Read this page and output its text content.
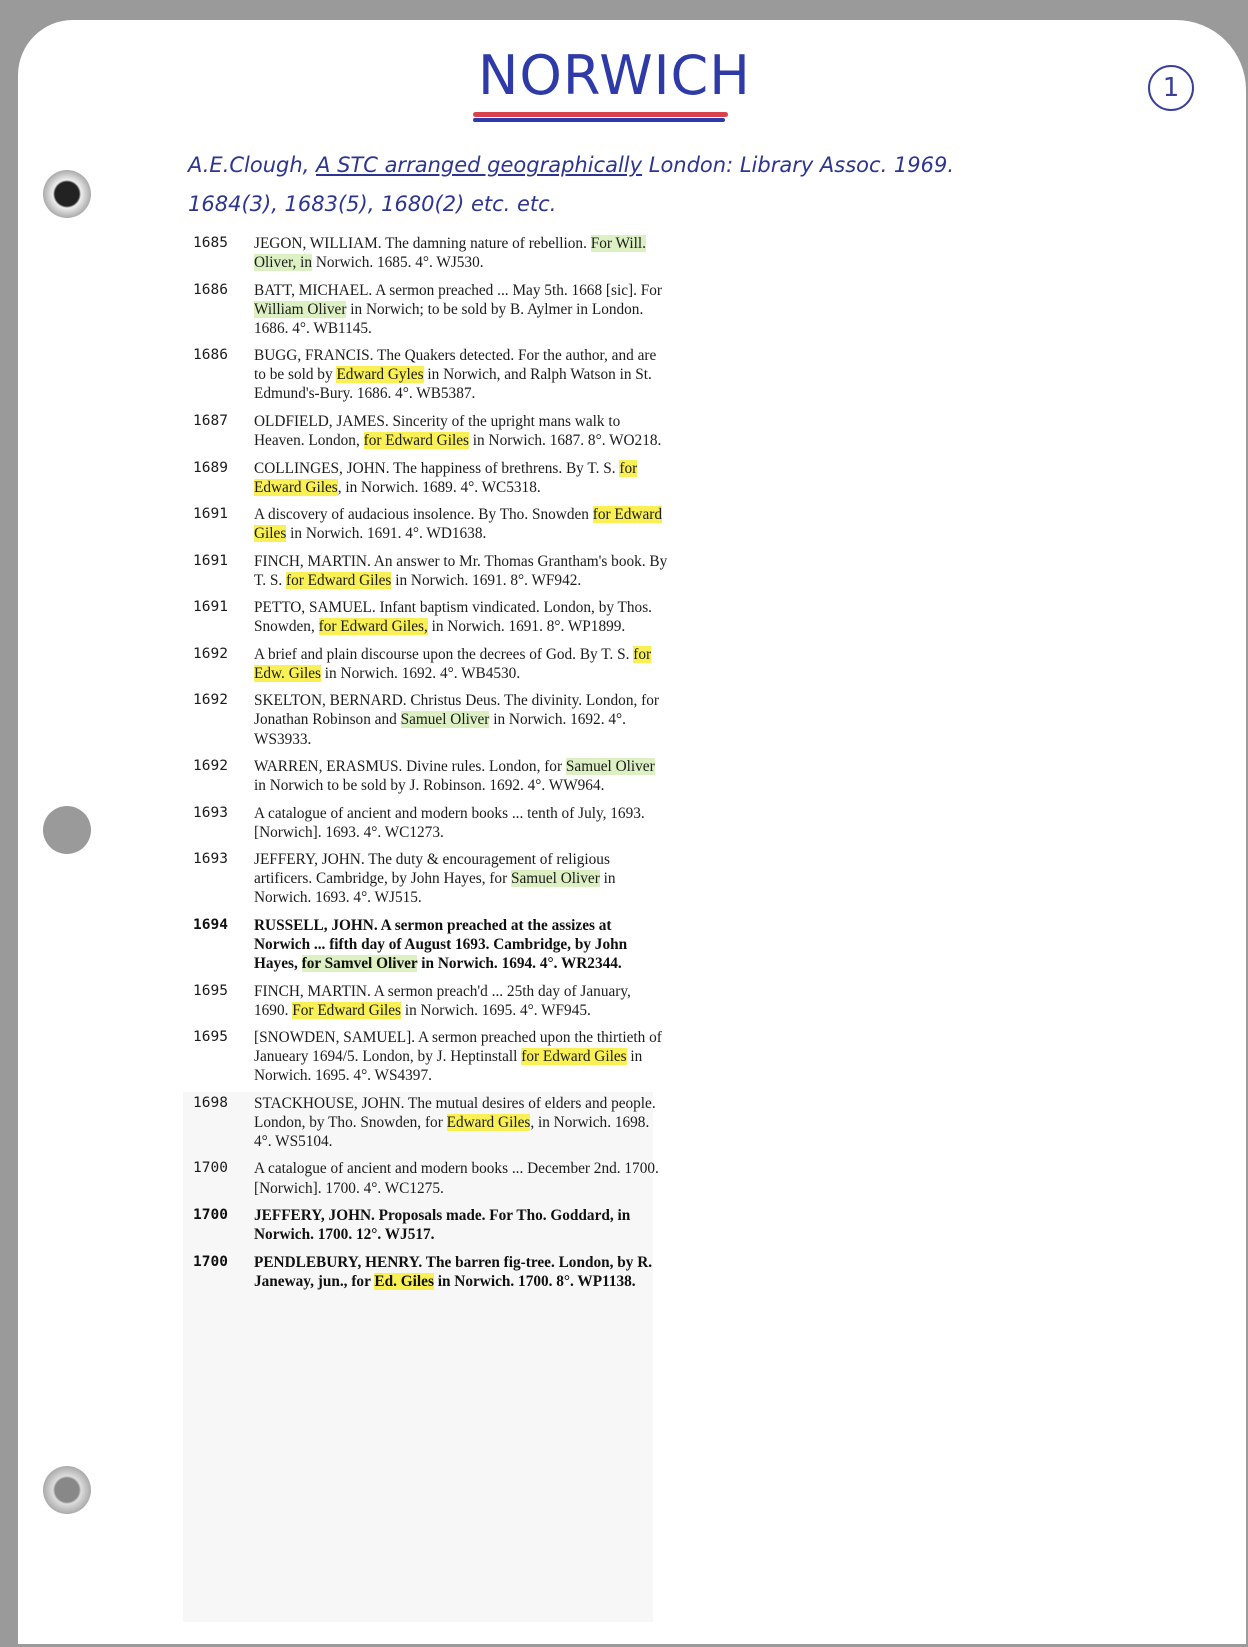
NORWICH	1
A.E.Clough, A STC arranged geographically London: Library Assoc. 1969.
1684(3), 1683(5), 1680(2) etc. etc.
1685	JEGON, WILLIAM. The damning nature of rebellion. For Will. Oliver, in Norwich. 1685. 4°. WJ530.
1686	BATT, MICHAEL. A sermon preached ... May 5th. 1668 [sic]. For William Oliver in Norwich; to be sold by B. Aylmer in London. 1686. 4°. WB1145.
1686	BUGG, FRANCIS. The Quakers detected. For the author, and are to be sold by Edward Gyles in Norwich, and Ralph Watson in St. Edmund's-Bury. 1686. 4°. WB5387.
1687	OLDFIELD, JAMES. Sincerity of the upright mans walk to Heaven. London, for Edward Giles in Norwich. 1687. 8°. WO218.
1689	COLLINGES, JOHN. The happiness of brethrens. By T. S. for Edward Giles, in Norwich. 1689. 4°. WC5318.
1691	A discovery of audacious insolence. By Tho. Snowden for Edward Giles in Norwich. 1691. 4°. WD1638.
1691	FINCH, MARTIN. An answer to Mr. Thomas Grantham's book. By T. S. for Edward Giles in Norwich. 1691. 8°. WF942.
1691	PETTO, SAMUEL. Infant baptism vindicated. London, by Thos. Snowden, for Edward Giles, in Norwich. 1691. 8°. WP1899.
1692	A brief and plain discourse upon the decrees of God. By T. S. for Edw. Giles in Norwich. 1692. 4°. WB4530.
1692	SKELTON, BERNARD. Christus Deus. The divinity. London, for Jonathan Robinson and Samuel Oliver in Norwich. 1692. 4°. WS3933.
1692	WARREN, ERASMUS. Divine rules. London, for Samuel Oliver in Norwich to be sold by J. Robinson. 1692. 4°. WW964.
1693	A catalogue of ancient and modern books ... tenth of July, 1693. [Norwich]. 1693. 4°. WC1273.
1693	JEFFERY, JOHN. The duty & encouragement of religious artificers. Cambridge, by John Hayes, for Samuel Oliver in Norwich. 1693. 4°. WJ515.
1694	RUSSELL, JOHN. A sermon preached at the assizes at Norwich ... fifth day of August 1693. Cambridge, by John Hayes, for Samvel Oliver in Norwich. 1694. 4°. WR2344.
1695	FINCH, MARTIN. A sermon preach'd ... 25th day of January, 1690. For Edward Giles in Norwich. 1695. 4°. WF945.
1695	[SNOWDEN, SAMUEL]. A sermon preached upon the thirtieth of Janueary 1694/5. London, by J. Heptinstall for Edward Giles in Norwich. 1695. 4°. WS4397.
1698	STACKHOUSE, JOHN. The mutual desires of elders and people. London, by Tho. Snowden, for Edward Giles, in Norwich. 1698. 4°. WS5104.
1700	A catalogue of ancient and modern books ... December 2nd. 1700. [Norwich]. 1700. 4°. WC1275.
1700	JEFFERY, JOHN. Proposals made. For Tho. Goddard, in Norwich. 1700. 12°. WJ517.
1700	PENDLEBURY, HENRY. The barren fig-tree. London, by R. Janeway, jun., for Ed. Giles in Norwich. 1700. 8°. WP1138.
